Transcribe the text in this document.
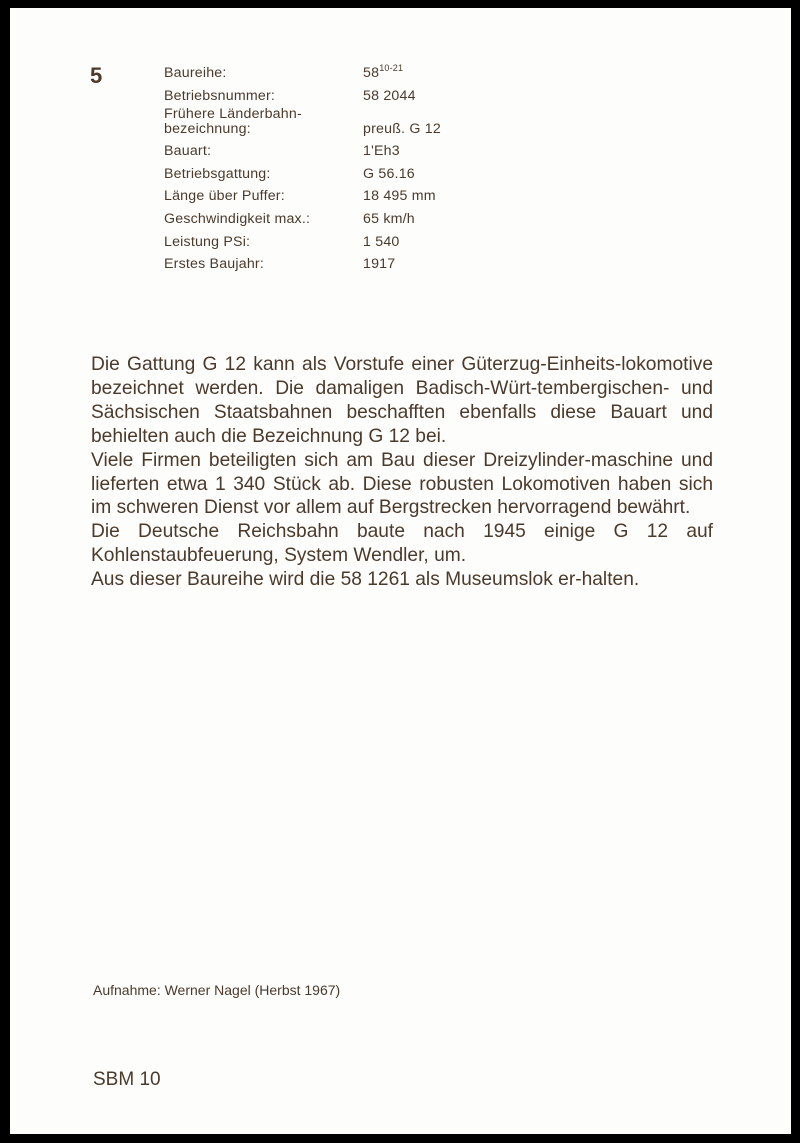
5	Baureihe:	58$^{10-21}$
Betriebsnummer:	58 2044
Frühere Länderbahn-
bezeichnung:	preuß. G 12
Bauart:	1'Eh3
Betriebsgattung:	G 56.16
Länge über Puffer:	18 495 mm
Geschwindigkeit max.:	65 km/h
Leistung PSi:	1 540
Erstes Baujahr:	1917

Die Gattung G 12 kann als Vorstufe einer Güterzug-Einheits-lokomotive bezeichnet werden. Die damaligen Badisch-Würt-tembergischen- und Sächsischen Staatsbahnen beschafften ebenfalls diese Bauart und behielten auch die Bezeichnung G 12 bei.

Viele Firmen beteiligten sich am Bau dieser Dreizylinder-maschine und lieferten etwa 1 340 Stück ab. Diese robusten Lokomotiven haben sich im schweren Dienst vor allem auf Bergstrecken hervorragend bewährt.

Die Deutsche Reichsbahn baute nach 1945 einige G 12 auf Kohlenstaubfeuerung, System Wendler, um.

Aus dieser Baureihe wird die 58 1261 als Museumslok er-halten.

Aufnahme: Werner Nagel (Herbst 1967)
SBM 10
